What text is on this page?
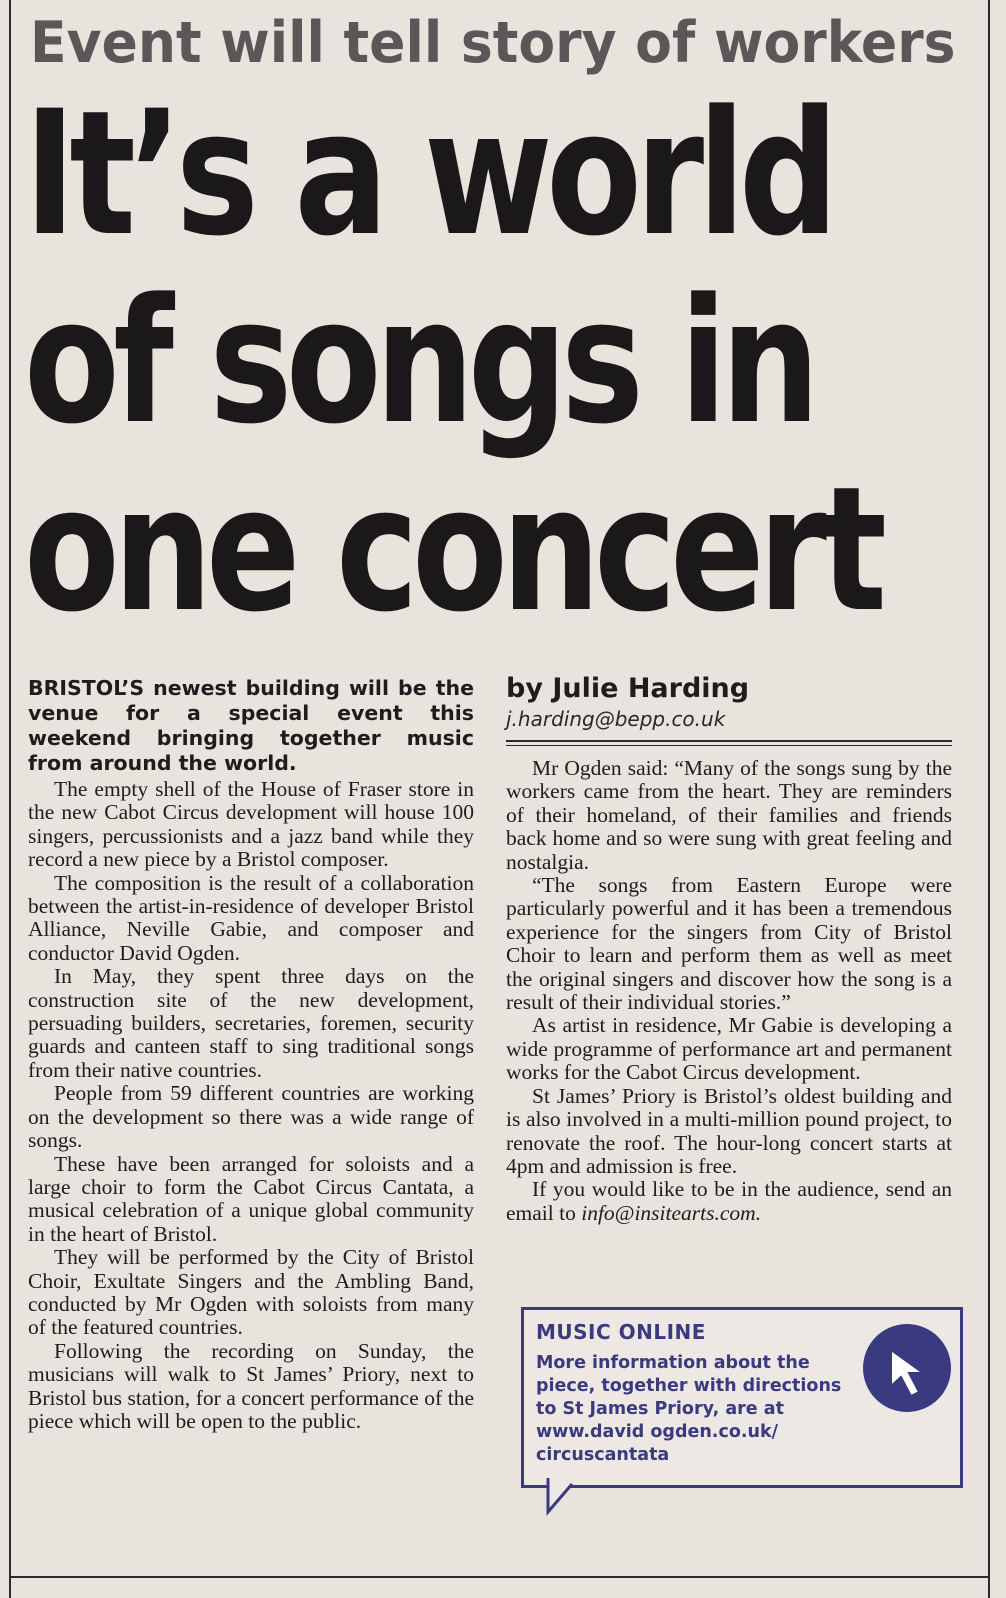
Event will tell story of workers
It’s a world
of songs in
one concert

BRISTOL’S newest building will be the venue for a special event this weekend bringing together music from around the world.

The empty shell of the House of Fraser store in the new Cabot Circus development will house 100 singers, percussionists and a jazz band while they record a new piece by a Bristol composer.

The composition is the result of a collaboration between the artist-in-residence of developer Bristol Alliance, Neville Gabie, and composer and conductor David Ogden.

In May, they spent three days on the construction site of the new development, persuading builders, secretaries, foremen, security guards and canteen staff to sing traditional songs from their native countries.

People from 59 different countries are working on the development so there was a wide range of songs.

These have been arranged for soloists and a large choir to form the Cabot Circus Cantata, a musical celebration of a unique global community in the heart of Bristol.

They will be performed by the City of Bristol Choir, Exultate Singers and the Ambling Band, conducted by Mr Ogden with soloists from many of the featured countries.

Following the recording on Sunday, the musicians will walk to St James’ Priory, next to Bristol bus station, for a concert performance of the piece which will be open to the public.

by Julie Harding
j.harding@bepp.co.uk

Mr Ogden said: “Many of the songs sung by the workers came from the heart. They are reminders of their homeland, of their families and friends back home and so were sung with great feeling and nostalgia.

“The songs from Eastern Europe were particularly powerful and it has been a tremendous experience for the singers from City of Bristol Choir to learn and perform them as well as meet the original singers and discover how the song is a result of their individual stories.”

As artist in residence, Mr Gabie is developing a wide programme of performance art and permanent works for the Cabot Circus development.

St James’ Priory is Bristol’s oldest building and is also involved in a multi-million pound project, to renovate the roof. The hour-long concert starts at 4pm and admission is free.

If you would like to be in the audience, send an email to info@insitearts.com.

MUSIC ONLINE
More information about the piece, together with directions to St James Priory, are at www.david ogden.co.uk/ circuscantata
